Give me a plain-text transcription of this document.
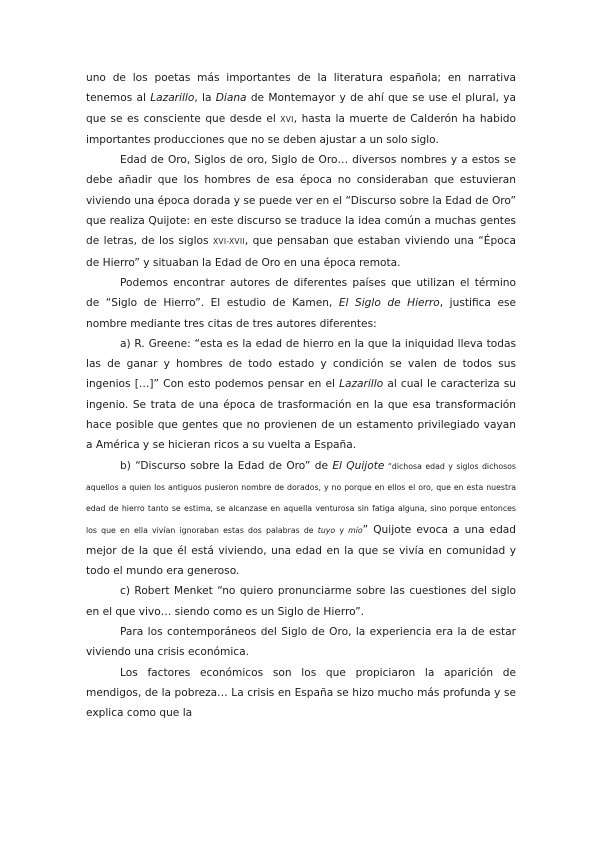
uno de los poetas más importantes de la literatura española; en narrativa tenemos al Lazarillo, la Diana de Montemayor y de ahí que se use el plural, ya que se es consciente que desde el XVI, hasta la muerte de Calderón ha habido importantes producciones que no se deben ajustar a un solo siglo.

Edad de Oro, Siglos de oro, Siglo de Oro… diversos nombres y a estos se debe añadir que los hombres de esa época no consideraban que estuvieran viviendo una época dorada y se puede ver en el “Discurso sobre la Edad de Oro” que realiza Quijote: en este discurso se traduce la idea común a muchas gentes de letras, de los siglos XVI-XVII, que pensaban que estaban viviendo una “Época de Hierro” y situaban la Edad de Oro en una época remota.

Podemos encontrar autores de diferentes países que utilizan el término de “Siglo de Hierro”. El estudio de Kamen, El Siglo de Hierro, justifica ese nombre mediante tres citas de tres autores diferentes:

a) R. Greene: “esta es la edad de hierro en la que la iniquidad lleva todas las de ganar y hombres de todo estado y condición se valen de todos sus ingenios […]” Con esto podemos pensar en el Lazarillo al cual le caracteriza su ingenio. Se trata de una época de trasformación en la que esa transformación hace posible que gentes que no provienen de un estamento privilegiado vayan a América y se hicieran ricos a su vuelta a España.

b) “Discurso sobre la Edad de Oro” de El Quijote “dichosa edad y siglos dichosos aquellos a quien los antiguos pusieron nombre de dorados, y no porque en ellos el oro, que en esta nuestra edad de hierro tanto se estima, se alcanzase en aquella venturosa sin fatiga alguna, sino porque entonces los que en ella vivían ignoraban estas dos palabras de tuyo y mío” Quijote evoca a una edad mejor de la que él está viviendo, una edad en la que se vivía en comunidad y todo el mundo era generoso.

c) Robert Menket “no quiero pronunciarme sobre las cuestiones del siglo en el que vivo… siendo como es un Siglo de Hierro”.

Para los contemporáneos del Siglo de Oro, la experiencia era la de estar viviendo una crisis económica.

Los factores económicos son los que propiciaron la aparición de mendigos, de la pobreza… La crisis en España se hizo mucho más profunda y se explica como que la
